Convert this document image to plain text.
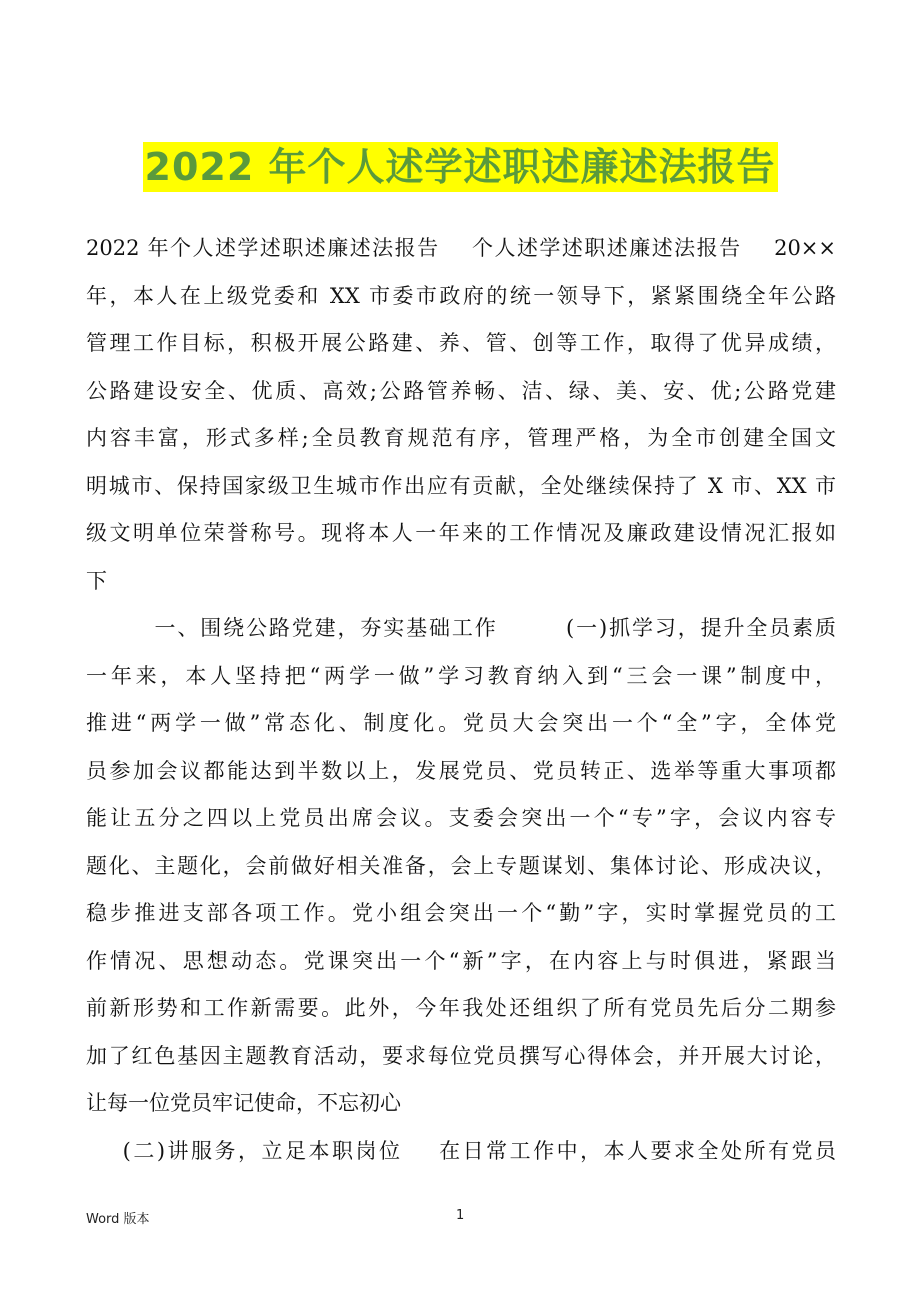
2022 年个人述学述职述廉述法报告
2022 年个人述学述职述廉述法报告    个人述学述职述廉述法报告    20××
年，本人在上级党委和 XX 市委市政府的统一领导下，紧紧围绕全年公路
管理工作目标，积极开展公路建、养、管、创等工作，取得了优异成绩，
公路建设安全、优质、高效;公路管养畅、洁、绿、美、安、优;公路党建
内容丰富，形式多样;全员教育规范有序，管理严格，为全市创建全国文
明城市、保持国家级卫生城市作出应有贡献，全处继续保持了 X 市、XX 市
级文明单位荣誉称号。现将本人一年来的工作情况及廉政建设情况汇报如
下
一、围绕公路党建，夯实基础工作        (一)抓学习，提升全员素质
一年来，本人坚持把“两学一做”学习教育纳入到“三会一课”制度中，
推进“两学一做”常态化、制度化。党员大会突出一个“全”字，全体党
员参加会议都能达到半数以上，发展党员、党员转正、选举等重大事项都
能让五分之四以上党员出席会议。支委会突出一个“专”字，会议内容专
题化、主题化，会前做好相关准备，会上专题谋划、集体讨论、形成决议，
稳步推进支部各项工作。党小组会突出一个“勤”字，实时掌握党员的工
作情况、思想动态。党课突出一个“新”字，在内容上与时俱进，紧跟当
前新形势和工作新需要。此外，今年我处还组织了所有党员先后分二期参
加了红色基因主题教育活动，要求每位党员撰写心得体会，并开展大讨论，
让每一位党员牢记使命，不忘初心
(二)讲服务，立足本职岗位    在日常工作中，本人要求全处所有党员
Word 版本	1
